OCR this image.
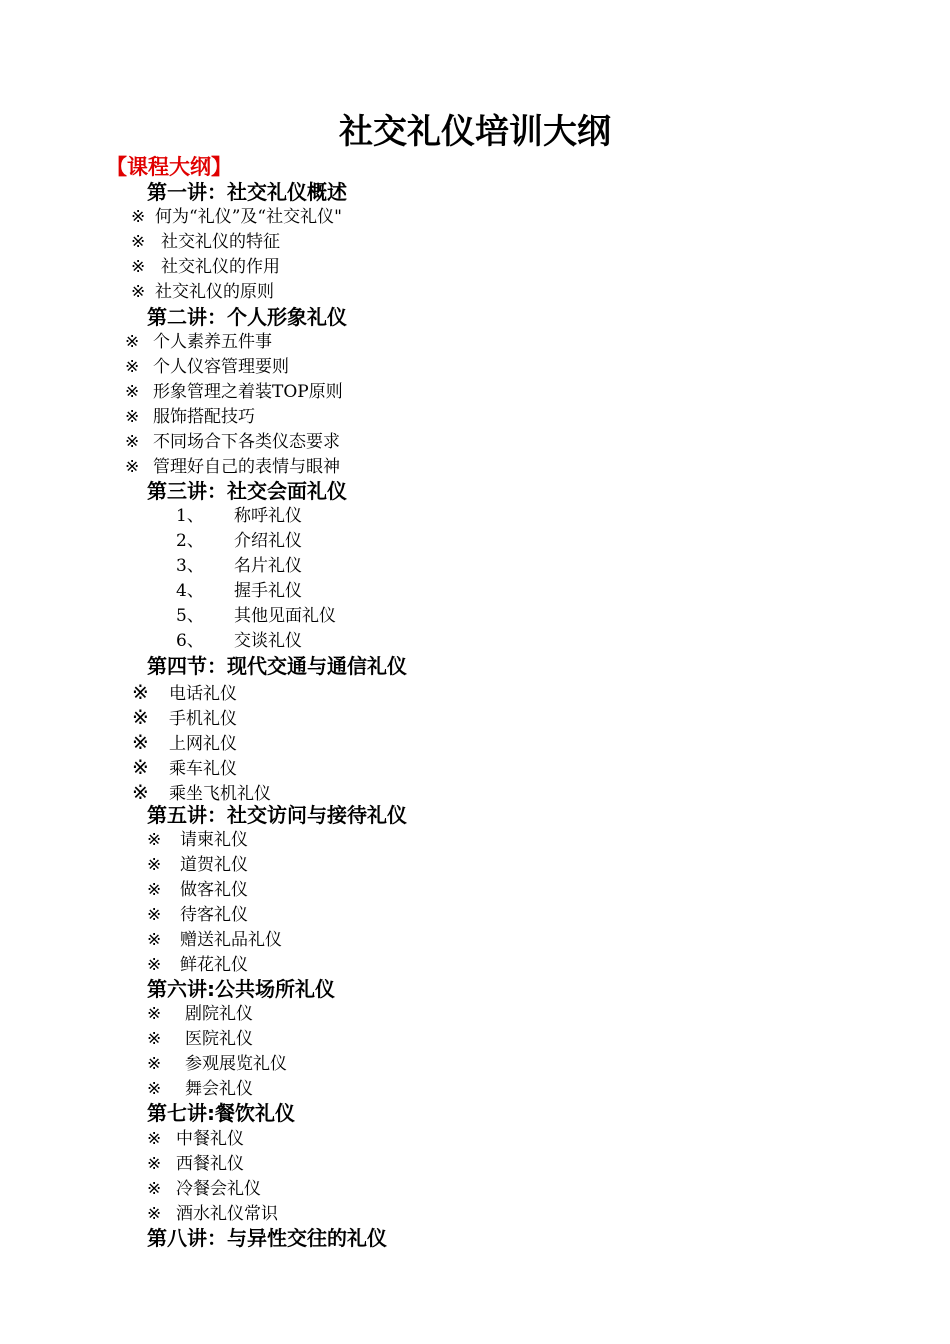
社交礼仪培训大纲
【课程大纲】
第一讲：社交礼仪概述
※ 何为“礼仪”及“社交礼仪"
※ 社交礼仪的特征
※ 社交礼仪的作用
※ 社交礼仪的原则
第二讲：个人形象礼仪
※ 个人素养五件事
※ 个人仪容管理要则
※ 形象管理之着装TOP原则
※ 服饰搭配技巧
※ 不同场合下各类仪态要求
※ 管理好自己的表情与眼神
第三讲：社交会面礼仪
1、 称呼礼仪
2、 介绍礼仪
3、 名片礼仪
4、 握手礼仪
5、 其他见面礼仪
6、 交谈礼仪
第四节：现代交通与通信礼仪
※ 电话礼仪
※ 手机礼仪
※ 上网礼仪
※ 乘车礼仪
※ 乘坐飞机礼仪
第五讲：社交访问与接待礼仪
※ 请柬礼仪
※ 道贺礼仪
※ 做客礼仪
※ 待客礼仪
※ 赠送礼品礼仪
※ 鲜花礼仪
第六讲:公共场所礼仪
※ 剧院礼仪
※ 医院礼仪
※ 参观展览礼仪
※ 舞会礼仪
第七讲:餐饮礼仪
※ 中餐礼仪
※ 西餐礼仪
※ 冷餐会礼仪
※ 酒水礼仪常识
第八讲：与异性交往的礼仪
